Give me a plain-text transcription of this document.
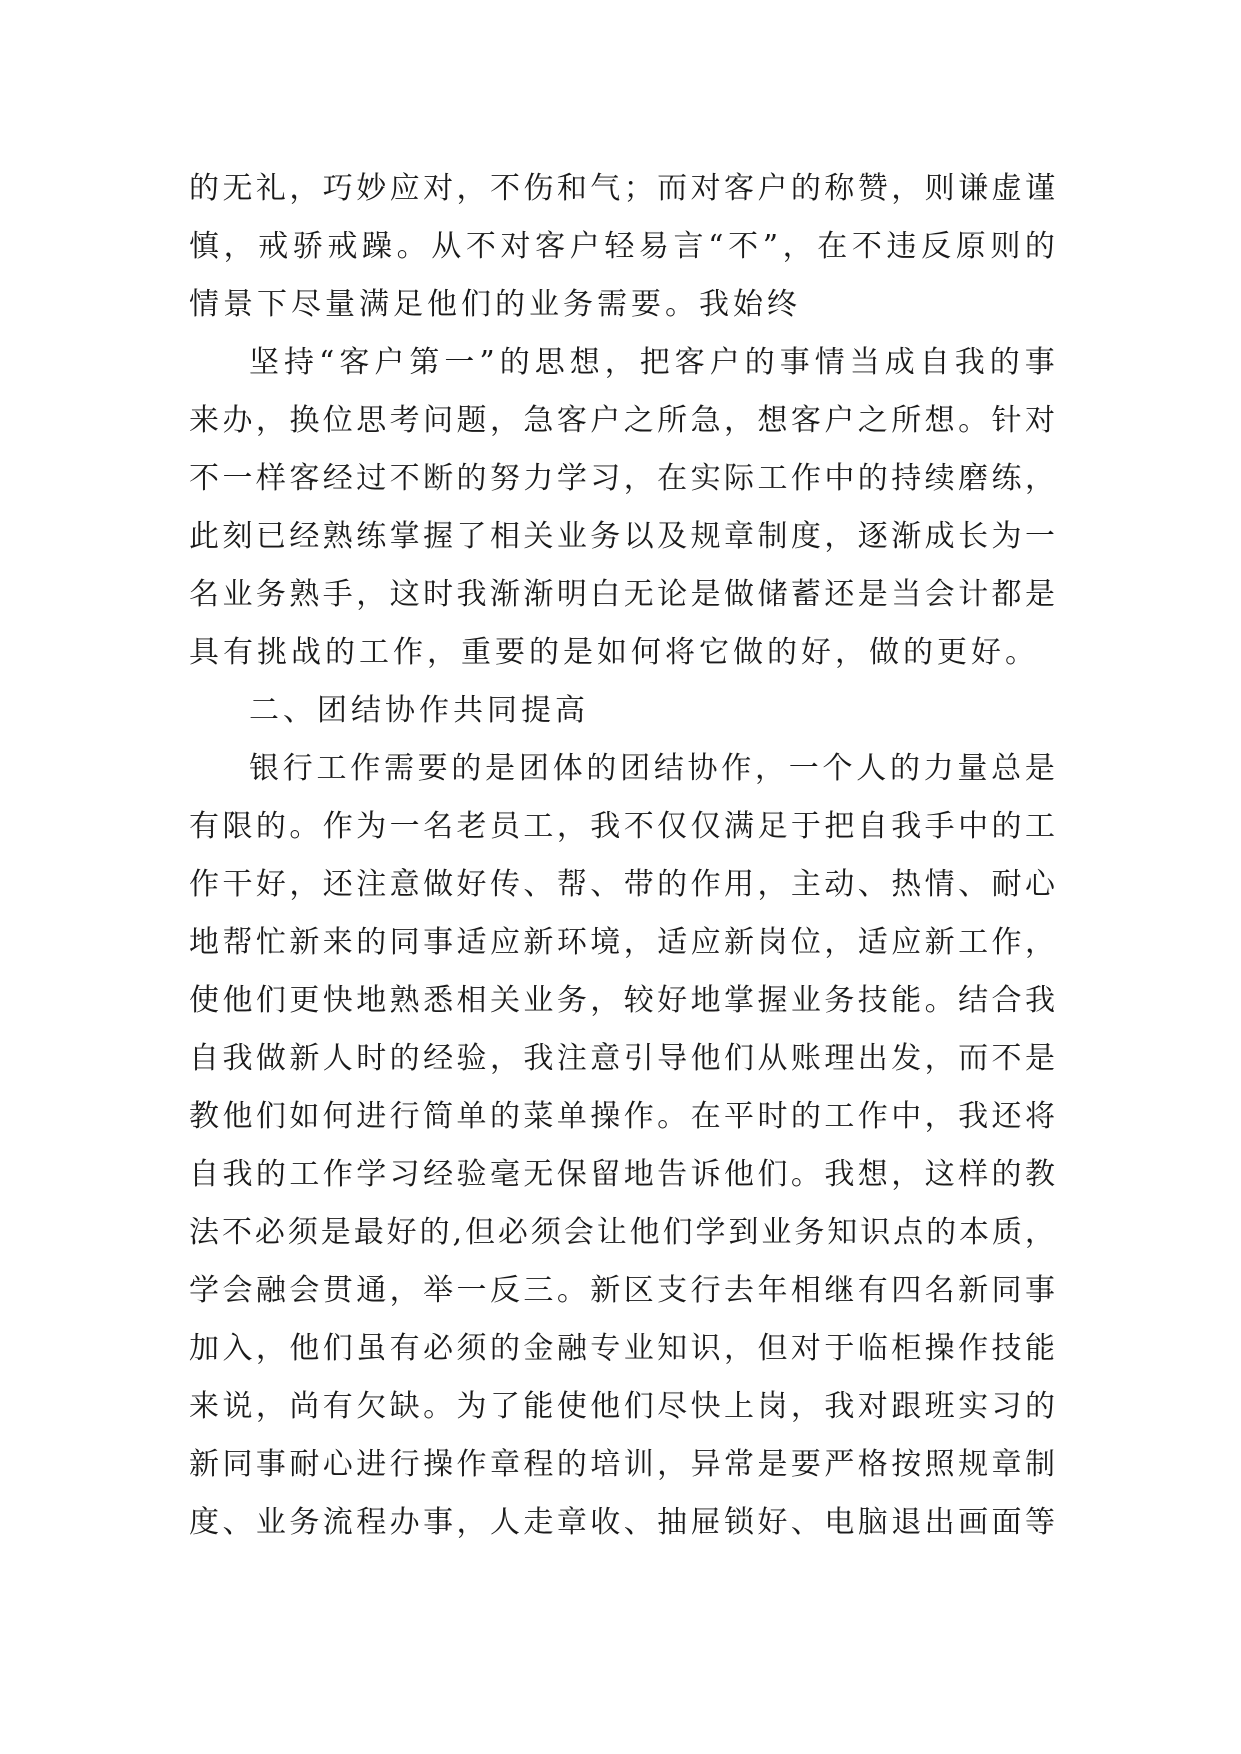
的 无 礼 ， 巧 妙 应 对 ， 不 伤 和 气 ； 而 对 客 户 的 称 赞 ， 则 谦 虚 谨
慎 ， 戒 骄 戒 躁 。 从 不 对 客 户 轻 易 言 “ 不 ” ， 在 不 违 反 原 则 的
情 景 下 尽 量 满 足 他 们 的 业 务 需 要 。 我 始 终
坚 持 “ 客 户 第 一 ” 的 思 想 ， 把 客 户 的 事 情 当 成 自 我 的 事
来 办 ， 换 位 思 考 问 题 ， 急 客 户 之 所 急 ， 想 客 户 之 所 想 。 针 对
不 一 样 客 经 过 不 断 的 努 力 学 习 ， 在 实 际 工 作 中 的 持 续 磨 练 ，
此 刻 已 经 熟 练 掌 握 了 相 关 业 务 以 及 规 章 制 度 ， 逐 渐 成 长 为 一
名 业 务 熟 手 ， 这 时 我 渐 渐 明 白 无 论 是 做 储 蓄 还 是 当 会 计 都 是
具 有 挑 战 的 工 作 ， 重 要 的 是 如 何 将 它 做 的 好 ， 做 的 更 好 。
二 、 团 结 协 作 共 同 提 高
银 行 工 作 需 要 的 是 团 体 的 团 结 协 作 ， 一 个 人 的 力 量 总 是
有 限 的 。 作 为 一 名 老 员 工 ， 我 不 仅 仅 满 足 于 把 自 我 手 中 的 工
作 干 好 ， 还 注 意 做 好 传 、 帮 、 带 的 作 用 ， 主 动 、 热 情 、 耐 心
地 帮 忙 新 来 的 同 事 适 应 新 环 境 ， 适 应 新 岗 位 ， 适 应 新 工 作 ，
使 他 们 更 快 地 熟 悉 相 关 业 务 ， 较 好 地 掌 握 业 务 技 能 。 结 合 我
自 我 做 新 人 时 的 经 验 ， 我 注 意 引 导 他 们 从 账 理 出 发 ， 而 不 是
教 他 们 如 何 进 行 简 单 的 菜 单 操 作 。 在 平 时 的 工 作 中 ， 我 还 将
自 我 的 工 作 学 习 经 验 毫 无 保 留 地 告 诉 他 们 。 我 想 ， 这 样 的 教
法 不 必 须 是 最 好 的 , 但 必 须 会 让 他 们 学 到 业 务 知 识 点 的 本 质 ，
学 会 融 会 贯 通 ， 举 一 反 三 。 新 区 支 行 去 年 相 继 有 四 名 新 同 事
加 入 ， 他 们 虽 有 必 须 的 金 融 专 业 知 识 ， 但 对 于 临 柜 操 作 技 能
来 说 ， 尚 有 欠 缺 。 为 了 能 使 他 们 尽 快 上 岗 ， 我 对 跟 班 实 习 的
新 同 事 耐 心 进 行 操 作 章 程 的 培 训 ， 异 常 是 要 严 格 按 照 规 章 制
度 、 业 务 流 程 办 事 ， 人 走 章 收 、 抽 屉 锁 好 、 电 脑 退 出 画 面 等
